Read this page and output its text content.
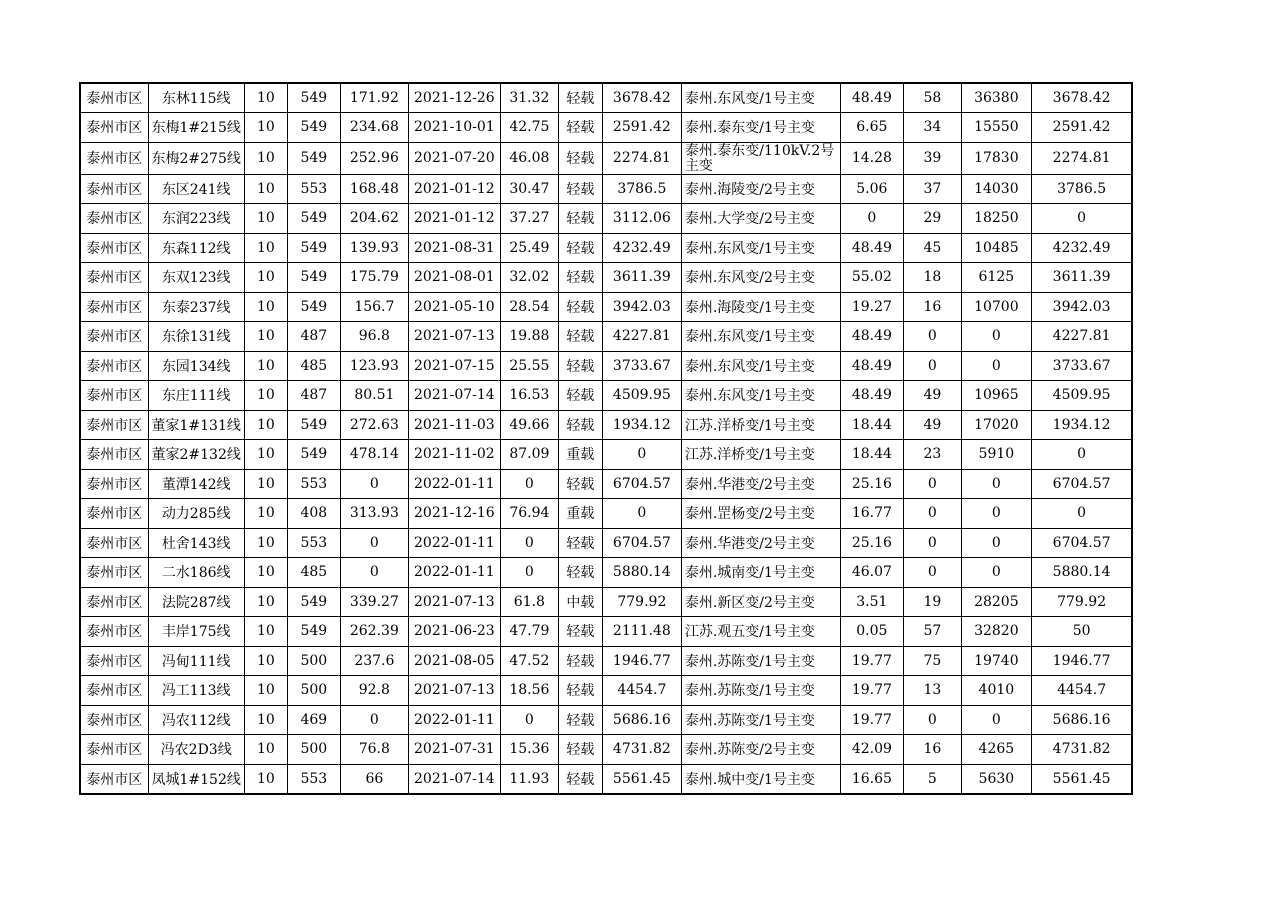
泰州市区	东林115线	10	549	171.92	2021-12-26	31.32	轻载	3678.42	泰州.东风变/1号主变	48.49	58	36380	3678.42
泰州市区	东梅1#215线	10	549	234.68	2021-10-01	42.75	轻载	2591.42	泰州.泰东变/1号主变	6.65	34	15550	2591.42
泰州市区	东梅2#275线	10	549	252.96	2021-07-20	46.08	轻载	2274.81	泰州.泰东变/110kV.2号主变	14.28	39	17830	2274.81
泰州市区	东区241线	10	553	168.48	2021-01-12	30.47	轻载	3786.5	泰州.海陵变/2号主变	5.06	37	14030	3786.5
泰州市区	东润223线	10	549	204.62	2021-01-12	37.27	轻载	3112.06	泰州.大学变/2号主变	0	29	18250	0
泰州市区	东森112线	10	549	139.93	2021-08-31	25.49	轻载	4232.49	泰州.东风变/1号主变	48.49	45	10485	4232.49
泰州市区	东双123线	10	549	175.79	2021-08-01	32.02	轻载	3611.39	泰州.东风变/2号主变	55.02	18	6125	3611.39
泰州市区	东泰237线	10	549	156.7	2021-05-10	28.54	轻载	3942.03	泰州.海陵变/1号主变	19.27	16	10700	3942.03
泰州市区	东徐131线	10	487	96.8	2021-07-13	19.88	轻载	4227.81	泰州.东风变/1号主变	48.49	0	0	4227.81
泰州市区	东园134线	10	485	123.93	2021-07-15	25.55	轻载	3733.67	泰州.东风变/1号主变	48.49	0	0	3733.67
泰州市区	东庄111线	10	487	80.51	2021-07-14	16.53	轻载	4509.95	泰州.东风变/1号主变	48.49	49	10965	4509.95
泰州市区	董家1#131线	10	549	272.63	2021-11-03	49.66	轻载	1934.12	江苏.洋桥变/1号主变	18.44	49	17020	1934.12
泰州市区	董家2#132线	10	549	478.14	2021-11-02	87.09	重载	0	江苏.洋桥变/1号主变	18.44	23	5910	0
泰州市区	董潭142线	10	553	0	2022-01-11	0	轻载	6704.57	泰州.华港变/2号主变	25.16	0	0	6704.57
泰州市区	动力285线	10	408	313.93	2021-12-16	76.94	重载	0	泰州.罡杨变/2号主变	16.77	0	0	0
泰州市区	杜舍143线	10	553	0	2022-01-11	0	轻载	6704.57	泰州.华港变/2号主变	25.16	0	0	6704.57
泰州市区	二水186线	10	485	0	2022-01-11	0	轻载	5880.14	泰州.城南变/1号主变	46.07	0	0	5880.14
泰州市区	法院287线	10	549	339.27	2021-07-13	61.8	中载	779.92	泰州.新区变/2号主变	3.51	19	28205	779.92
泰州市区	丰岸175线	10	549	262.39	2021-06-23	47.79	轻载	2111.48	江苏.观五变/1号主变	0.05	57	32820	50
泰州市区	冯甸111线	10	500	237.6	2021-08-05	47.52	轻载	1946.77	泰州.苏陈变/1号主变	19.77	75	19740	1946.77
泰州市区	冯工113线	10	500	92.8	2021-07-13	18.56	轻载	4454.7	泰州.苏陈变/1号主变	19.77	13	4010	4454.7
泰州市区	冯农112线	10	469	0	2022-01-11	0	轻载	5686.16	泰州.苏陈变/1号主变	19.77	0	0	5686.16
泰州市区	冯农2D3线	10	500	76.8	2021-07-31	15.36	轻载	4731.82	泰州.苏陈变/2号主变	42.09	16	4265	4731.82
泰州市区	凤城1#152线	10	553	66	2021-07-14	11.93	轻载	5561.45	泰州.城中变/1号主变	16.65	5	5630	5561.45
